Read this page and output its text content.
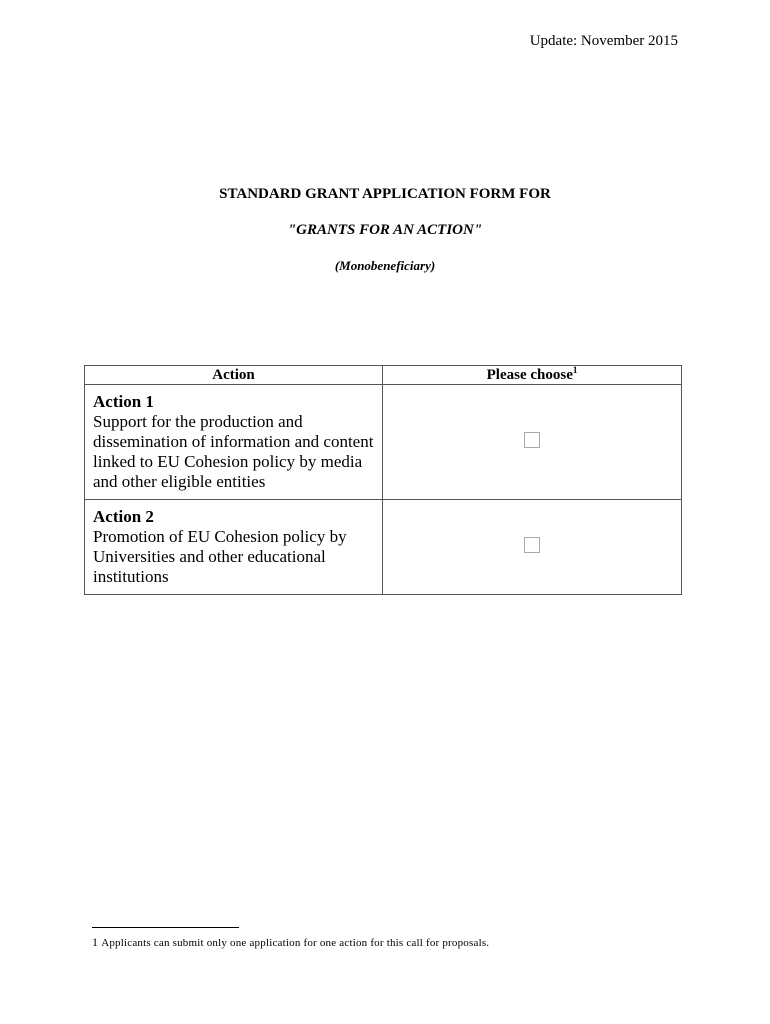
Update: November 2015
STANDARD GRANT APPLICATION FORM FOR
"GRANTS FOR AN ACTION"
(Monobeneficiary)
Action	Please choose$^1$

Action 1
Support for the production and dissemination of information and content linked to EU Cohesion policy by media and other eligible entities	

Action 2
Promotion of EU Cohesion policy by Universities and other educational institutions	
1 Applicants can submit only one application for one action for this call for proposals.
